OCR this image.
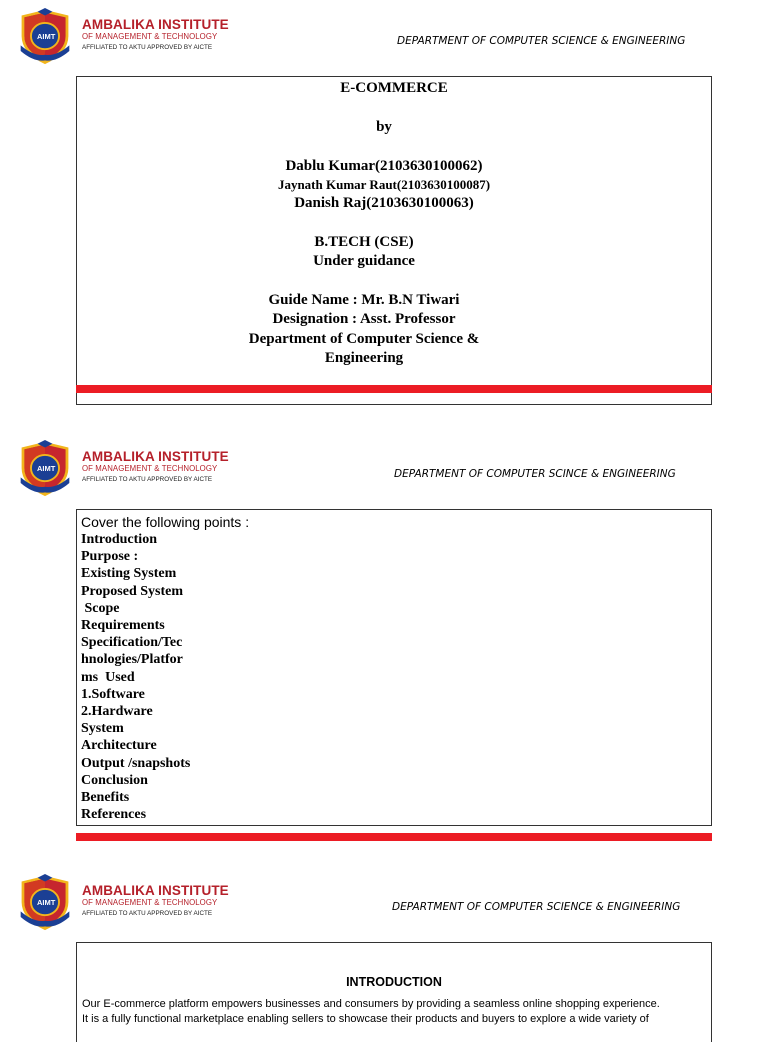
AIMT
AMBALIKA INSTITUTE
OF MANAGEMENT & TECHNOLOGY
AFFILIATED TO AKTU APPROVED BY AICTE
DEPARTMENT OF COMPUTER SCIENCE & ENGINEERING
E-COMMERCE
by
Dablu Kumar(2103630100062)
Jaynath Kumar Raut(2103630100087)
Danish Raj(2103630100063)
B.TECH (CSE)
Under guidance
Guide Name : Mr. B.N Tiwari
Designation : Asst. Professor
Department of Computer Science &
Engineering
AIMT
AMBALIKA INSTITUTE
OF MANAGEMENT & TECHNOLOGY
AFFILIATED TO AKTU APPROVED BY AICTE	DEPARTMENT OF COMPUTER SCINCE & ENGINEERING
Cover the following points :
Introduction
Purpose :
Existing System
Proposed System
Scope
Requirements
Specification/Tec
hnologies/Platfor
ms  Used
1.Software
2.Hardware
System
Architecture
Output /snapshots
Conclusion
Benefits
References
AIMT
AMBALIKA INSTITUTE
OF MANAGEMENT & TECHNOLOGY
AFFILIATED TO AKTU APPROVED BY AICTE
DEPARTMENT OF COMPUTER SCIENCE & ENGINEERING
INTRODUCTION
Our E-commerce platform empowers businesses and consumers by providing a seamless online shopping experience.
It is a fully functional marketplace enabling sellers to showcase their products and buyers to explore a wide variety of
